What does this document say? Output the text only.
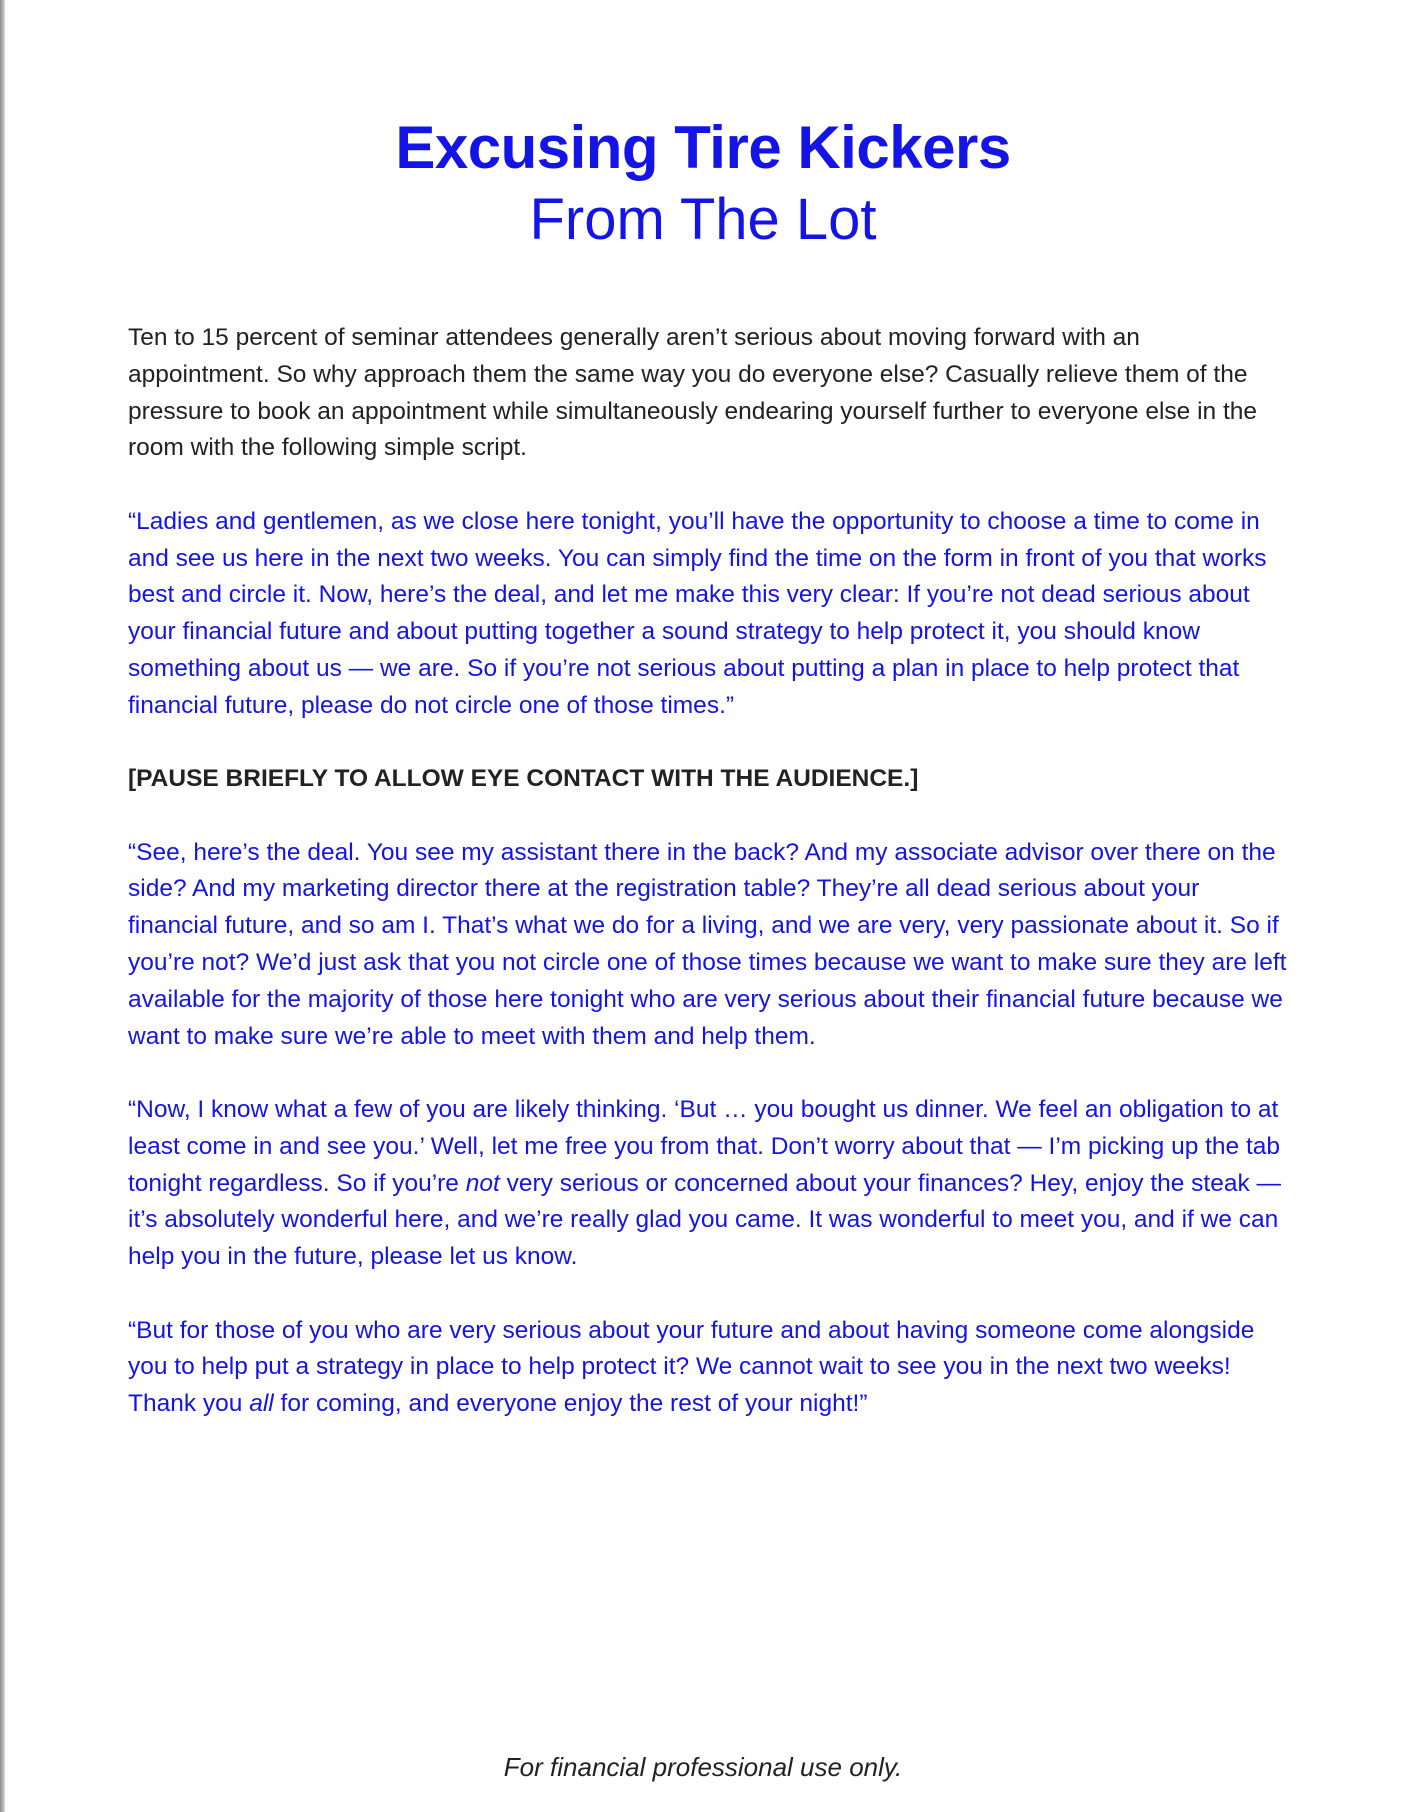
Excusing Tire Kickers
From The Lot

Ten to 15 percent of seminar attendees generally aren’t serious about moving forward with an appointment. So why approach them the same way you do everyone else? Casually relieve them of the pressure to book an appointment while simultaneously endearing yourself further to everyone else in the room with the following simple script.

“Ladies and gentlemen, as we close here tonight, you’ll have the opportunity to choose a time to come in and see us here in the next two weeks. You can simply find the time on the form in front of you that works best and circle it. Now, here’s the deal, and let me make this very clear: If you’re not dead serious about your financial future and about putting together a sound strategy to help protect it, you should know something about us — we are. So if you’re not serious about putting a plan in place to help protect that financial future, please do not circle one of those times.”

[PAUSE BRIEFLY TO ALLOW EYE CONTACT WITH THE AUDIENCE.]

“See, here’s the deal. You see my assistant there in the back? And my associate advisor over there on the side? And my marketing director there at the registration table? They’re all dead serious about your financial future, and so am I. That’s what we do for a living, and we are very, very passionate about it. So if you’re not? We’d just ask that you not circle one of those times because we want to make sure they are left available for the majority of those here tonight who are very serious about their financial future because we want to make sure we’re able to meet with them and help them.

“Now, I know what a few of you are likely thinking. ‘But … you bought us dinner. We feel an obligation to at least come in and see you.’ Well, let me free you from that. Don’t worry about that — I’m picking up the tab tonight regardless. So if you’re not very serious or concerned about your finances? Hey, enjoy the steak — it’s absolutely wonderful here, and we’re really glad you came. It was wonderful to meet you, and if we can help you in the future, please let us know.

“But for those of you who are very serious about your future and about having someone come alongside you to help put a strategy in place to help protect it? We cannot wait to see you in the next two weeks! Thank you all for coming, and everyone enjoy the rest of your night!”

For financial professional use only.
